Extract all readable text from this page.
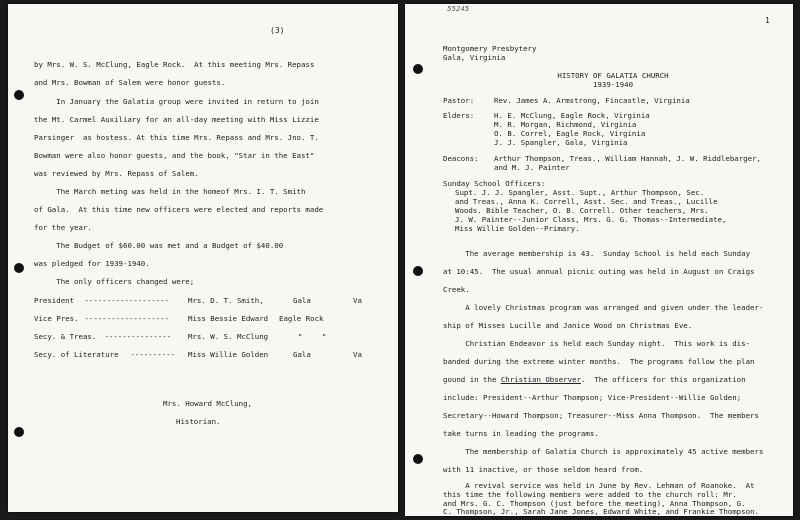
(3)
by Mrs. W. S. McClung, Eagle Rock.  At this meeting Mrs. Repass
and Mrs. Bowman of Salem were honor guests.
In January the Galatia group were invited in return to join
the Mt. Carmel Auxiliary for an all-day meeting with Miss Lizzie
Parsinger  as hostess. At this time Mrs. Repass and Mrs. Jno. T.
Bowman were also honor guests, and the book, "Star in the East"
was reviewed by Mrs. Repass of Salem.
The March meting was held in the homeof Mrs. I. T. Smith
of Gala.  At this time new officers were elected and reports made
for the year.
The Budget of $60.00 was met and a Budget of $40.00
was pledged for 1939-1940.
The only officers changed were;
President -------------------	Mrs. D. T. Smith,	Gala	Va
Vice Pres. -------------------	Miss Bessie Edward Eagle Rock
Secy. & Treas. --------------- Mrs. W. S. McClung	"	"
Secy. of Literature ---------- Miss Willie Golden	Gala	Va
Mrs. Howard McClung,
Historian.
55245
1
Montgomery Presbytery
Gala, Virginia
HISTORY OF GALATIA CHURCH
1939-1940
Pastor:	Rev. James A. Armstrong, Fincastle, Virginia
Elders:	H. E. McClung, Eagle Rock, Virginia
M. R. Morgan, Richmond, Virginia
O. B. Correl, Eagle Rock, Virginia
J. J. Spangler, Gala, Virginia
Deacons: Arthur Thompson, Treas., William Hannah, J. W. Riddlebarger,
and M. J. Painter
Sunday School Officers:
Supt. J. J. Spangler, Asst. Supt., Arthur Thompson, Sec.
and Treas., Anna K. Correll, Asst. Sec. and Treas., Lucille
Woods. Bible Teacher, O. B. Correll. Other teachers, Mrs.
J. W. Painter--Junior Class, Mrs. G. G. Thomas--Intermediate,
Miss Willie Golden--Primary.
The average membership is 43.  Sunday School is held each Sunday
at 10:45.  The usual annual picnic outing was held in August on Craigs
Creek.
A lovely Christmas program was arranged and given under the leader-
ship of Misses Lucille and Janice Wood on Christmas Eve.
Christian Endeavor is held each Sunday night.  This work is dis-
banded during the extreme winter months.  The programs follow the plan
gound in the Christian Observer.  The officers for this organization
include: President--Arthur Thompson; Vice-President--Willie Golden;
Secretary--Howard Thompson; Treasurer--Miss Anna Thompson.  The members
take turns in leading the programs.
The membership of Galatia Church is approximately 45 active members
with 11 inactive, or those seldom heard from.
A revival service was held in June by Rev. Lehman of Roanoke.  At
this time the following members were added to the church roll: Mr.
and Mrs. G. C. Thompson (just before the meeting), Anna Thompson, G.
C. Thompson, Jr., Sarah Jane Jones, Edward White, and Frankie Thompson.
